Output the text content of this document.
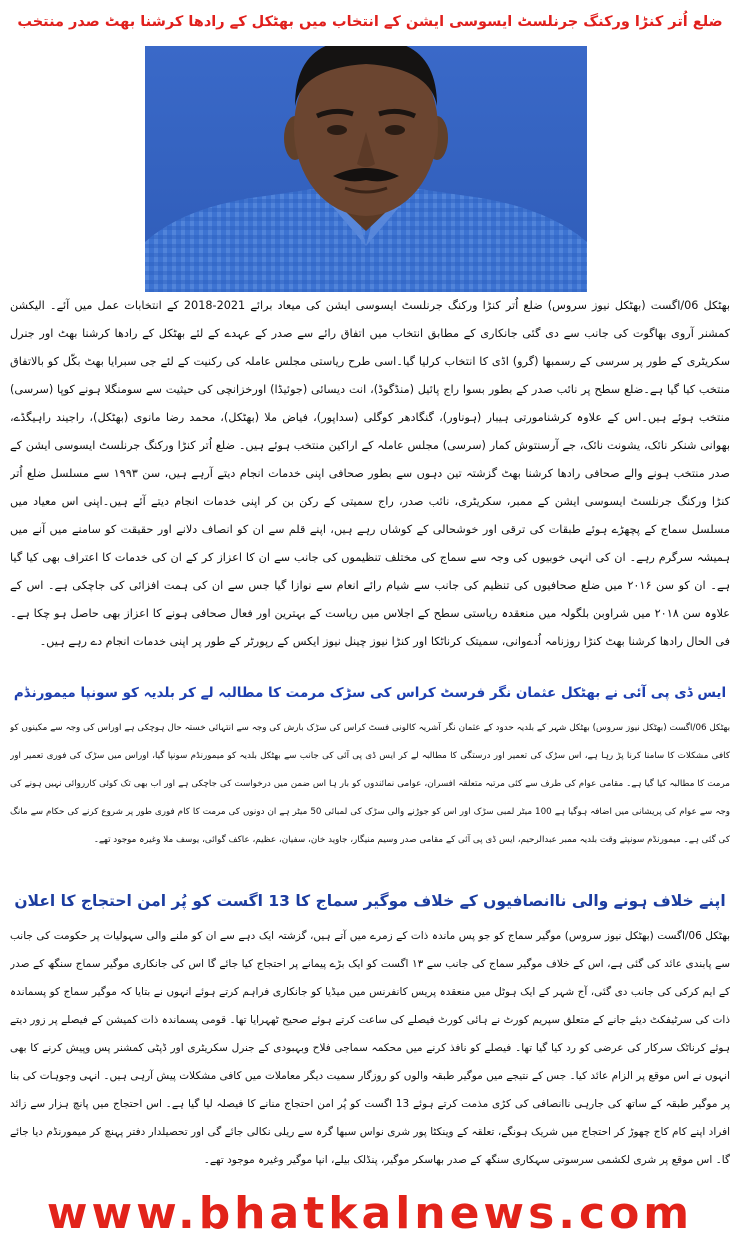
ضلع اُتر کنڑا ورکنگ جرنلسٹ ایسوسی ایشن کے انتخاب میں بھٹکل کے رادھا کرشنا بھٹ صدر منتخب
بھٹکل 06/اگست (بھٹکل نیوز سروس) ضلع اُتر کنڑا ورکنگ جرنلسٹ ایسوسی ایشن کی میعاد برائے 2021-2018 کے انتخابات عمل میں آئے۔ الیکشن کمشنر آروی بھاگوت کی جانب سے دی گئی جانکاری کے مطابق انتخاب میں اتفاق رائے سے صدر کے عہدے کے لئے بھٹکل کے رادھا کرشنا بھٹ اور جنرل سکریٹری کے طور پر سرسی کے رسمبھا (گرو) اڈی کا انتخاب کرلیا گیا۔اسی طرح ریاستی مجلس عاملہ کی رکنیت کے لئے جی سبرایا بھٹ بکّل کو بالاتفاق منتخب کیا گیا ہے۔ضلع سطح پر نائب صدر کے بطور بسوا راج پائیل (منڈگوڈ)، انت دیسائی (جوئیڈا) اورخزانچی کی حیثیت سے سومنگلا ہونے کوپا (سرسی) منتخب ہوئے ہیں۔اس کے علاوہ کرشنامورتی ہیبار (ہوناور)، گنگادھر کوگلی (سداپور)، فیاض ملا (بھٹکل)، محمد رضا مانوی (بھٹکل)، راجیند راہیگڈے، بھوانی شنکر نائک، یشونت نائک، جے آرسنتوش کمار (سرسی) مجلس عاملہ کے اراکین منتخب ہوئے ہیں۔ ضلع اُتر کنڑا ورکنگ جرنلسٹ ایسوسی ایشن کے صدر منتخب ہونے والے صحافی رادھا کرشنا بھٹ گزشتہ تین دہوں سے بطور صحافی اپنی خدمات انجام دیتے آرہے ہیں، سن ۱۹۹۳ سے مسلسل ضلع اُتر کنڑا ورکنگ جرنلسٹ ایسوسی ایشن کے ممبر، سکریٹری، نائب صدر، راج سمیتی کے رکن بن کر اپنی خدمات انجام دیتے آئے ہیں۔اپنی اس معیاد میں مسلسل سماج کے پچھڑے ہوئے طبقات کی ترقی اور خوشحالی کے کوشاں رہے ہیں، اپنے قلم سے ان کو انصاف دلانے اور حقیقت کو سامنے میں آنے میں ہمیشہ سرگرم رہے۔ ان کی انہی خوبیوں کی وجہ سے سماج کی مختلف تنظیموں کی جانب سے ان کا اعزاز کر کے ان کی خدمات کا اعتراف بھی کیا گیا ہے۔ ان کو سن ۲۰۱۶ میں ضلع صحافیوں کی تنظیم کی جانب سے شیام رائے انعام سے نوازا گیا جس سے ان کی ہمت افزائی کی جاچکی ہے۔ اس کے علاوہ سن ۲۰۱۸ میں شراوبن بلگولہ میں منعقدہ ریاستی سطح کے اجلاس میں ریاست کے بہترین اور فعال صحافی ہونے کا اعزاز بھی حاصل ہو چکا ہے۔ فی الحال رادھا کرشنا بھٹ کنڑا روزنامہ اُدےوانی، سمیتک کرناٹکا اور کنڑا نیوز چینل نیوز ایکس کے رپورٹر کے طور پر اپنی خدمات انجام دے رہے ہیں۔
ایس ڈی پی آئی نے بھٹکل عثمان نگر فرسٹ کراس کی سڑک مرمت کا مطالبہ لے کر بلدیہ کو سونپا میمورنڈم
بھٹکل 06/اگست (بھٹکل نیوز سروس) بھٹکل شہر کے بلدیہ حدود کے عثمان نگر آشریہ کالونی فسٹ کراس کی سڑک بارش کی وجہ سے انتہائی خستہ حال ہوچکی ہے اوراس کی وجہ سے مکینوں کو کافی مشکلات کا سامنا کرنا پڑ رہا ہے، اس سڑک کی تعمیر اور درستگی کا مطالبہ لے کر ایس ڈی پی آئی کی جانب سے بھٹکل بلدیہ کو میمورنڈم سونپا گیا، اوراس میں سڑک کی فوری تعمیر اور مرمت کا مطالبہ کیا گیا ہے۔ مقامی عوام کی طرف سے کئی مرتبہ متعلقہ افسران، عوامی نمائندوں کو بار ہا اس ضمن میں درخواست کی جاچکی ہے اور اب بھی تک کوئی کارروائی نہیں ہونے کی وجہ سے عوام کی پریشانی میں اضافہ ہوگیا ہے 100 میٹر لمبی سڑک اور اس کو جوڑنے والی سڑک کی لمبائی 50 میٹر ہے ان دونوں کی مرمت کا کام فوری طور پر شروع کرنے کی حکام سے مانگ کی گئی ہے۔ میمورنڈم سونپتے وقت بلدیہ ممبر عبدالرحیم، ایس ڈی پی آئی کے مقامی صدر وسیم منیگار، جاوید خان، سفیان، عظیم، عاکف گوائی، یوسف ملا وغیرہ موجود تھے۔
اپنے خلاف ہونے والی ناانصافیوں کے خلاف موگیر سماج کا 13 اگست کو پُر امن احتجاج کا اعلان
بھٹکل 06/اگست (بھٹکل نیوز سروس) موگیر سماج کو جو پس ماندہ ذات کے زمرے میں آتے ہیں، گزشتہ ایک دہے سے ان کو ملنے والی سہولیات پر حکومت کی جانب سے پابندی عائد کی گئی ہے، اس کے خلاف موگیر سماج کی جانب سے ۱۳ اگست کو ایک بڑے پیمانے پر احتجاج کیا جائے گا اس کی جانکاری موگیر سماج سنگھ کے صدر کے ایم کرکی کی جانب دی گئی، آج شہر کے ایک ہوٹل میں منعقدہ پریس کانفرنس میں میڈیا کو جانکاری فراہم کرتے ہوئے انہوں نے بتایا کہ موگیر سماج کو پسماندہ ذات کی سرٹیفکٹ دیئے جانے کے متعلق سپریم کورٹ نے ہائی کورٹ فیصلے کی ساعت کرتے ہوئے صحیح ٹھہرایا تھا۔ قومی پسماندہ ذات کمیشن کے فیصلے پر زور دیتے ہوئے کرناٹک سرکار کی عرضی کو رد کیا گیا تھا۔ فیصلے کو نافذ کرنے میں محکمہ سماجی فلاح وبہبودی کے جنرل سکریٹری اور ڈپٹی کمشنر پس وپیش کرنے کا بھی انہوں نے اس موقع پر الزام عائد کیا۔ جس کے نتیجے میں موگیر طبقہ والوں کو روزگار سمیت دیگر معاملات میں کافی مشکلات پیش آرہی ہیں۔ انہی وجوہات کی بنا پر موگیر طبقہ کے ساتھ کی جارہی ناانصافی کی کڑی مذمت کرتے ہوئے 13 اگست کو پُر امن احتجاج منانے کا فیصلہ لیا گیا ہے۔ اس احتجاج میں پانچ ہزار سے زائد افراد اپنے کام کاج چھوڑ کر احتجاج میں شریک ہونگے، تعلقہ کے وینکٹا پور شری نواس سبھا گرہ سے ریلی نکالی جائے گی اور تحصیلدار دفتر پہنچ کر میمورنڈم دیا جائے گا۔ اس موقع پر شری لکشمی سرسوتی سہکاری سنگھ کے صدر بھاسکر موگیر، پنڈلک بیلے، انپا موگیر وغیرہ موجود تھے۔
www.bhatkalnews.com
